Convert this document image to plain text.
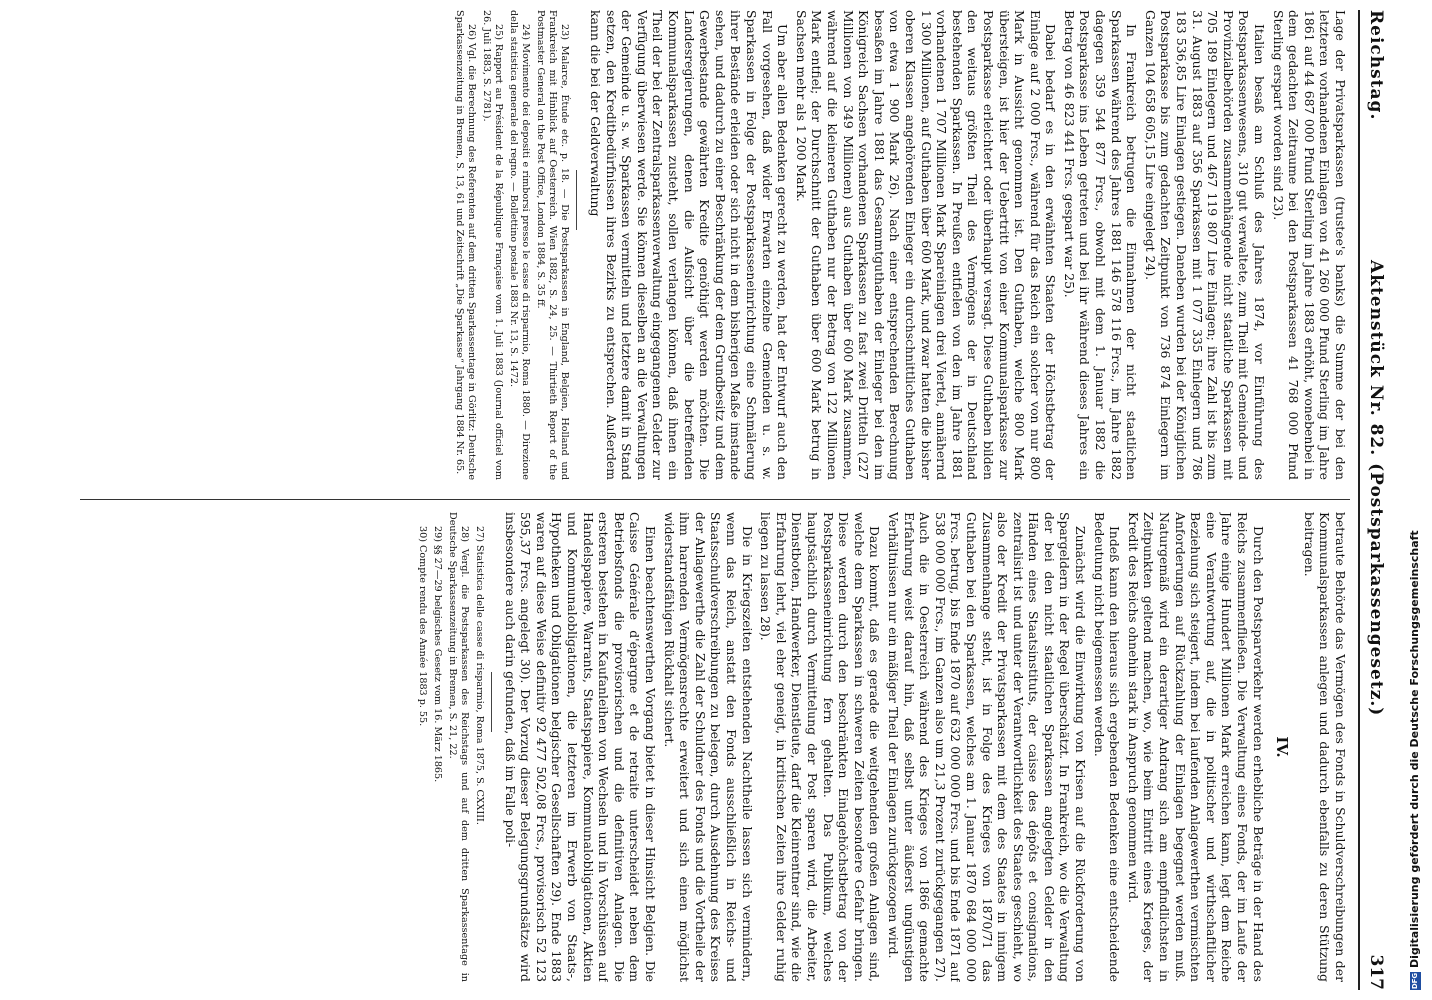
Reichstag.
Aktenstück Nr. 82. (Postsparkassengesetz.)
317

Lage der Privatsparkassen (trustee's banks) die Summe der bei den letzteren vorhandenen Einlagen von 41 260 000 Pfund Sterling im Jahre 1861 auf 44 687 000 Pfund Sterling im Jahre 1883 erhöht, wonebenbei in dem gedachten Zeitraume bei den Postsparkassen 41 768 000 Pfund Sterling erspart worden sind 23).

Italien besaß am Schluß des Jahres 1874, vor Einführung des Postsparkassenwesens, 310 gut verwaltete, zum Theil mit Gemeinde- und Provinzialbehörden zusammenhängende nicht staatliche Sparkassen mit 705 189 Einlegern und 467 119 807 Lire Einlagen; ihre Zahl ist bis zum 31. August 1883 auf 356 Sparkassen mit 1 077 335 Einlegern und 786 183 536,85 Lire Einlagen gestiegen. Daneben wurden bei der Königlichen Postsparkasse bis zum gedachten Zeitpunkt von 736 874 Einlegern im Ganzen 104 658 605,15 Lire eingelegt 24).

In Frankreich betrugen die Einnahmen der nicht staatlichen Sparkassen während des Jahres 1881 146 578 116 Frcs., im Jahre 1882 dagegen 359 544 877 Frcs., obwohl mit dem 1. Januar 1882 die Postsparkasse ins Leben getreten und bei ihr während dieses Jahres ein Betrag von 46 823 441 Frcs. gespart war 25).

Dabei bedarf es in den erwähnten Staaten der Höchstbetrag der Einlage auf 2 000 Frcs., während für das Reich ein solcher von nur 800 Mark in Aussicht genommen ist. Den Guthaben, welche 800 Mark übersteigen, ist hier der Uebertritt von einer Kommunalsparkasse zur Postsparkasse erleichtert oder überhaupt versagt. Diese Guthaben bilden den weitaus größten Theil des Vermögens der in Deutschland bestehenden Sparkassen. In Preußen entfielen von den im Jahre 1881 vorhandenen 1 707 Millionen Mark Spareinlagen drei Viertel, annähernd 1 300 Millionen, auf Guthaben über 600 Mark, und zwar hatten die bisher oberen Klassen angehörenden Einleger ein durchschnittliches Guthaben von etwa 1 900 Mark 26). Nach einer entsprechenden Berechnung besaßen im Jahre 1881 das Gesammtguthaben der Einleger bei den im Königreich Sachsen vorhandenen Sparkassen zu fast zwei Dritteln (227 Millionen von 349 Millionen) aus Guthaben über 600 Mark zusammen, während auf die kleineren Guthaben nur der Betrag von 122 Millionen Mark entfiel; der Durchschnitt der Guthaben über 600 Mark betrug in Sachsen mehr als 1 200 Mark.

Um aber allen Bedenken gerecht zu werden, hat der Entwurf auch den Fall vorgesehen, daß wider Erwarten einzelne Gemeinden u. s. w. Sparkassen in Folge der Postsparkasseneinrichtung eine Schmälerung ihrer Bestände erleiden oder sich nicht in dem bisherigen Maße imstande sehen, und dadurch zu einer Beschränkung der dem Grundbesitz und dem Gewerbestande gewährten Kredite genöthigt werden möchten. Die Landesregierungen, denen die Aufsicht über die betreffenden Kommunalsparkassen zusteht, sollen verlangen können, daß ihnen ein Theil der bei der Zentralsparkassenverwaltung eingegangenen Gelder zur Verfügung überwiesen werde. Sie können dieselben an die Verwaltungen der Gemeinde u. s. w. Sparkassen vermitteln und letztere damit in Stand setzen, den Kreditbedürfnissen ihres Bezirks zu entsprechen. Außerdem kann die bei der Geldverwaltung

23) Malarce, Étude etc. p. 18. — Die Postsparkassen in England, Belgien, Holland und Frankreich mit Hinblick auf Oesterreich. Wien 1882, S. 24, 25. — Thirtieth Report of the Postmaster General on the Post Office, London 1884, S. 35 ff.

24) Movimento dei depositi e rimborsi presso le casse di risparmio, Roma 1880. — Direzione della statistica generale del regno. — Bollettino postale 1883 Nr. 13, S. 1472.

25) Rapport au Président de la République Française vom 1. Juli 1883 (Journal officiel vom 26. Juli 1883, S. 2781).

26) Vgl. die Berechnung des Referenten auf dem dritten Sparkassentage in Görlitz: Deutsche Sparkassenzeitung in Bremen, S. 13, 61 und Zeitschrift „Die Sparkasse“ Jahrgang 1884 Nr. 65.

betraute Behörde das Vermögen des Fonds in Schuldverschreibungen der Kommunalsparkassen anlegen und dadurch ebenfalls zu deren Stützung beitragen.

IV.

Durch den Postsparverkehr werden erhebliche Beträge in der Hand des Reichs zusammenfließen. Die Verwaltung eines Fonds, der im Laufe der Jahre einige Hundert Millionen Mark erreichen kann, legt dem Reiche eine Verantwortung auf, die in politischer und wirthschaftlicher Beziehung sich steigert, indem bei laufenden Anlagewerthen vermischten Anforderungen auf Rückzahlung der Einlagen begegnet werden muß. Naturgemäß wird ein derartiger Andrang sich am empfindlichsten in Zeitpunkten geltend machen, wo, wie beim Eintritt eines Krieges, der Kredit des Reichs ohnehin stark in Anspruch genommen wird.

Indeß kann den hieraus sich ergebenden Bedenken eine entscheidende Bedeutung nicht beigemessen werden.

Zunächst wird die Einwirkung von Krisen auf die Rückforderung von Spargeldern in der Regel überschätzt. In Frankreich, wo die Verwaltung der bei den nicht staatlichen Sparkassen angelegten Gelder in den Händen eines Staatsinstituts, der caisse des dépôts et consignations, zentralisirt ist und unter der Verantwortlichkeit des Staates geschieht, wo also der Kredit der Privatsparkassen mit dem des Staates in innigem Zusammenhange steht, ist in Folge des Krieges von 1870/71 das Guthaben bei den Sparkassen, welches am 1. Januar 1870 684 000 000 Frcs. betrug, bis Ende 1870 auf 632 000 000 Frcs. und bis Ende 1871 auf 538 000 000 Frcs., im Ganzen also um 21,3 Prozent zurückgegangen 27). Auch die in Oesterreich während des Krieges von 1866 gemachte Erfahrung weist darauf hin, daß selbst unter äußerst ungünstigen Verhältnissen nur ein mäßiger Theil der Einlagen zurückgezogen wird.

Dazu kommt, daß es gerade die weitgehenden großen Anlagen sind, welche dem Sparkassen in schweren Zeiten besondere Gefahr bringen. Diese werden durch den beschränkten Einlagehöchstbetrag von der Postsparkasseneinrichtung fern gehalten. Das Publikum, welches hauptsächlich durch Vermittelung der Post sparen wird, die Arbeiter, Dienstboten, Handwerker, Dienstleute, darf die Kleinrentner sind, wie die Erfahrung lehrt, viel eher geneigt, in kritischen Zeiten ihre Gelder ruhig liegen zu lassen 28).

Die in Kriegszeiten entstehenden Nachtheile lassen sich vermindern, wenn das Reich, anstatt den Fonds ausschließlich in Reichs- und Staatsschuldverschreibungen zu belegen, durch Ausdehnung des Kreises der Anlagewerthe die Zahl der Schuldner des Fonds und die Vortheile der ihm harrenden Vermögensrechte erweitert und sich einen möglichst widerstandsfähigen Rückhalt sichert.

Einen beachtenswerthen Vorgang bietet in dieser Hinsicht Belgien. Die Caisse Générale d'épargne et de retraite unterscheidet neben dem Betriebsfonds die provisorischen und die definitiven Anlagen. Die ersteren bestehen in Kaufanleihen von Wechseln und in Vorschüssen auf Handelspapiere, Warrants, Staatspapiere, Kommunalobligationen, Aktien und Kommunalobligationen, die letzteren im Erwerb von Staats-, Hypotheken und Obligationen belgischer Gesellschaften 29). Ende 1883 waren auf diese Weise definitiv 92 477 502,08 Frcs., provisorisch 52 123 595,37 Frcs. angelegt 30). Der Vorzug dieser Belegungsgrundsätze wird insbesondere auch darin gefunden, daß im Falle poli-

27) Statistica delle casse di risparmio, Roma 1875, S. CXXIII.

28) Vergl. die Postsparkassen des Reichstags und auf dem dritten Sparkassentage in Deutsche Sparkassenzeitung in Bremen, S. 21, 22.

29) §§ 27—29 belgisches Gesetz vom 16. März 1865.

30) Compte rendu des Année 1883 p. 55.

DFGDigitalisierung gefördert durch die Deutsche Forschungsgemeinschaft
